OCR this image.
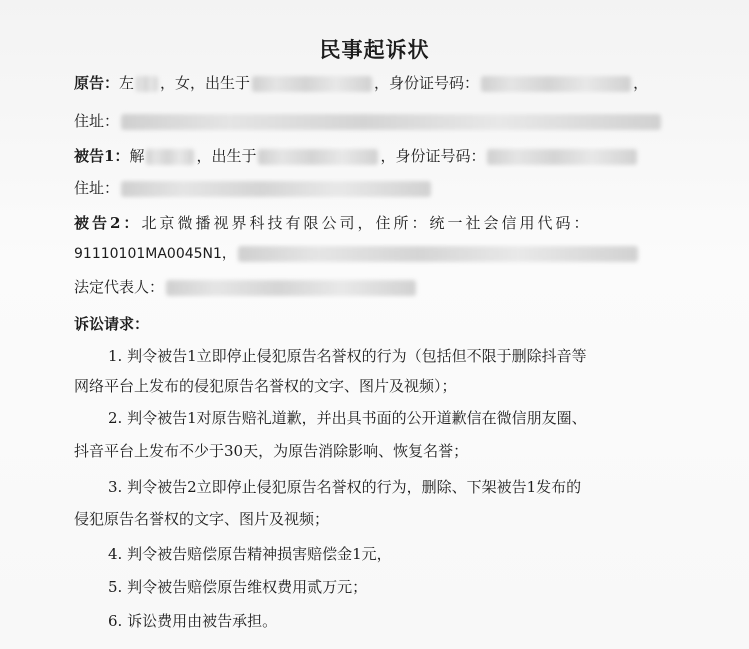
民事起诉状
原告：左 ，女，出生于	，身份证号码：	，
住址：
被告1：解	，出生于	，身份证号码：
住址：
被告2：北京微播视界科技有限公司，住所：统一社会信用代码：
91110101MA0045N1，
法定代表人：
诉讼请求：
1. 判令被告1立即停止侵犯原告名誉权的行为（包括但不限于删除抖音等
网络平台上发布的侵犯原告名誉权的文字、图片及视频）；
2. 判令被告1对原告赔礼道歉，并出具书面的公开道歉信在微信朋友圈、
抖音平台上发布不少于30天，为原告消除影响、恢复名誉；
3. 判令被告2立即停止侵犯原告名誉权的行为，删除、下架被告1发布的
侵犯原告名誉权的文字、图片及视频；
4. 判令被告赔偿原告精神损害赔偿金1元，
5. 判令被告赔偿原告维权费用贰万元；
6. 诉讼费用由被告承担。
